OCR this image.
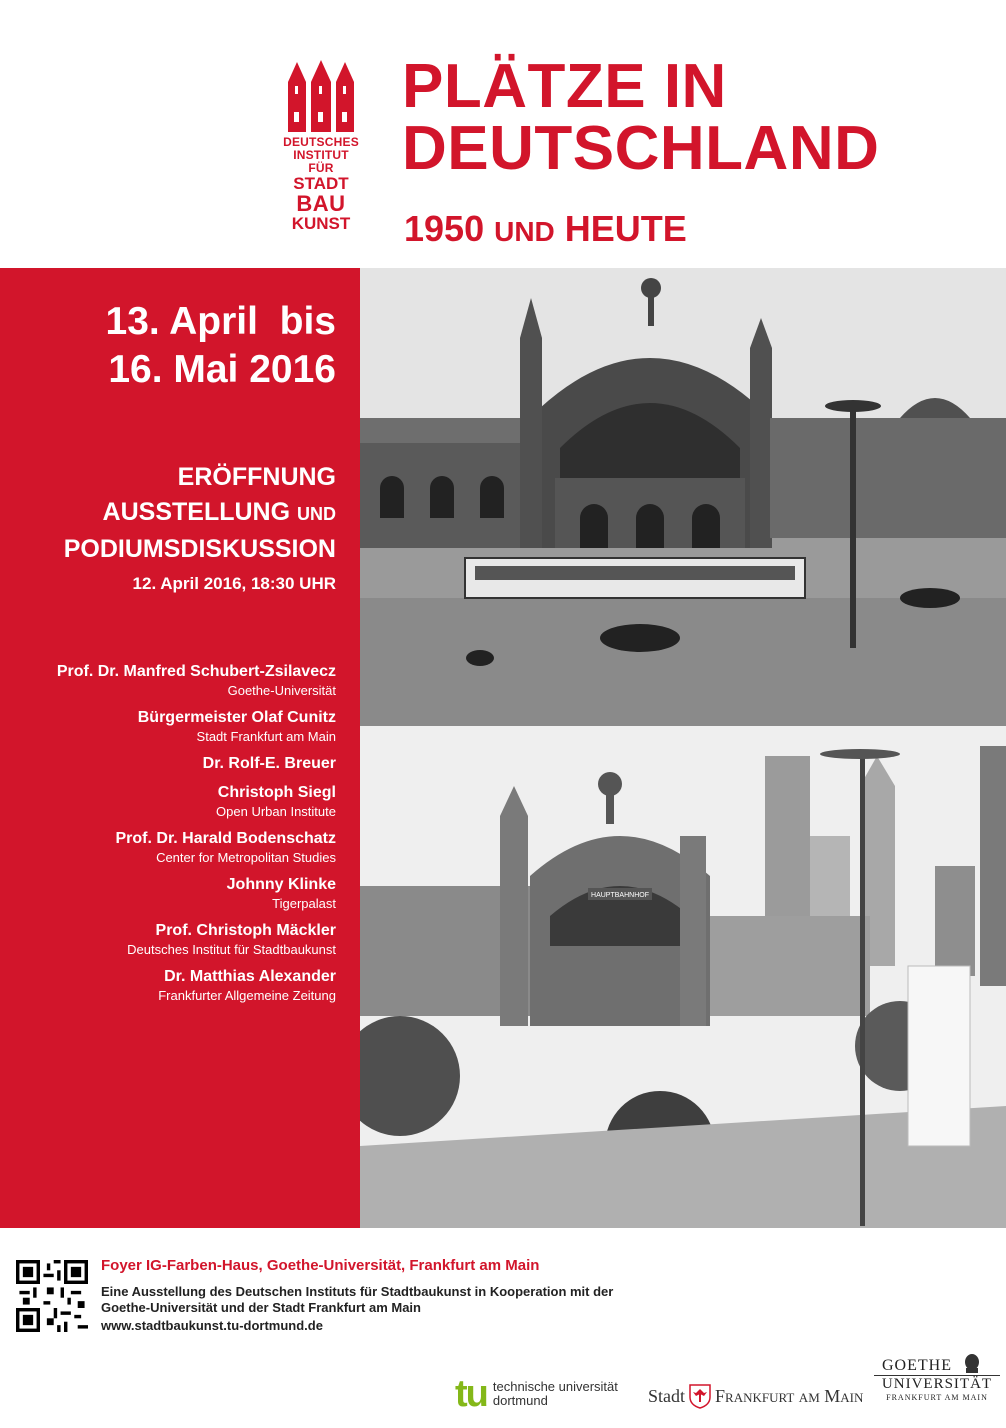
DEUTSCHES
INSTITUT FÜR
STADT
BAU
KUNST
PLÄTZE IN
DEUTSCHLAND
1950 UND HEUTE
13. April  bis
16. Mai 2016
ERÖFFNUNG
AUSSTELLUNG UND
PODIUMSDISKUSSION
12. April 2016, 18:30 UHR
Prof. Dr. Manfred Schubert-Zsilavecz
Goethe-Universität
Bürgermeister Olaf Cunitz
Stadt Frankfurt am Main
Dr. Rolf-E. Breuer
Christoph Siegl
Open Urban Institute
Prof. Dr. Harald Bodenschatz
Center for Metropolitan Studies
Johnny Klinke
Tigerpalast
Prof. Christoph Mäckler
Deutsches Institut für Stadtbaukunst
Dr. Matthias Alexander
Frankfurter Allgemeine Zeitung
HAUPTBAHNHOF
Foyer IG-Farben-Haus, Goethe-Universität, Frankfurt am Main
Eine Ausstellung des Deutschen Instituts für Stadtbaukunst in Kooperation mit der
Goethe-Universität und der Stadt Frankfurt am Main
www.stadtbaukunst.tu-dortmund.de
tu technische universität
dortmund	Stadt Frankfurt am Main
GOETHE
UNIVERSITÄT
FRANKFURT AM MAIN
